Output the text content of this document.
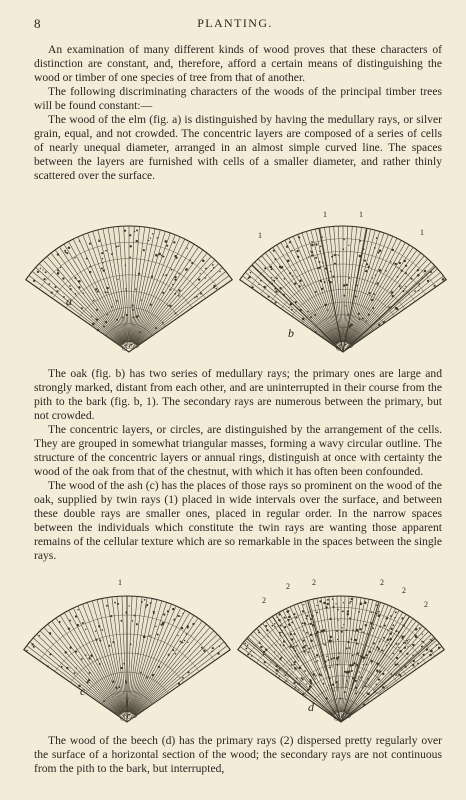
8	PLANTING.

An examination of many different kinds of wood proves that these characters of distinction are constant, and, therefore, afford a certain means of distinguishing the wood or timber of one species of tree from that of another.

The following discriminating characters of the woods of the principal timber trees will be found constant:—

The wood of the elm (fig. a) is distinguished by having the medullary rays, or silver grain, equal, and not crowded. The concentric layers are composed of a series of cells of nearly unequal diameter, arranged in an almost simple curved line. The spaces between the layers are furnished with cells of a smaller diameter, and rather thinly scattered over the surface.

a
b
1
1	1
1

The oak (fig. b) has two series of medullary rays; the primary ones are large and strongly marked, distant from each other, and are uninterrupted in their course from the pith to the bark (fig. b, 1). The secondary rays are numerous between the primary, but not crowded.

The concentric layers, or circles, are distinguished by the arrangement of the cells. They are grouped in somewhat triangular masses, forming a wavy circular outline. The structure of the concentric layers or annual rings, distinguish at once with certainty the wood of the oak from that of the chestnut, with which it has often been confounded.

The wood of the ash (c) has the places of those rays so prominent on the wood of the oak, supplied by twin rays (1) placed in wide intervals over the surface, and between these double rays are smaller ones, placed in regular order. In the narrow spaces between the individuals which constitute the twin rays are wanting those apparent remains of the cellular texture which are so remarkable in the spaces between the single rays.

c
1
d
2
2	2	2
2
2

The wood of the beech (d) has the primary rays (2) dispersed pretty regularly over the surface of a horizontal section of the wood; the secondary rays are not continuous from the pith to the bark, but interrupted,
